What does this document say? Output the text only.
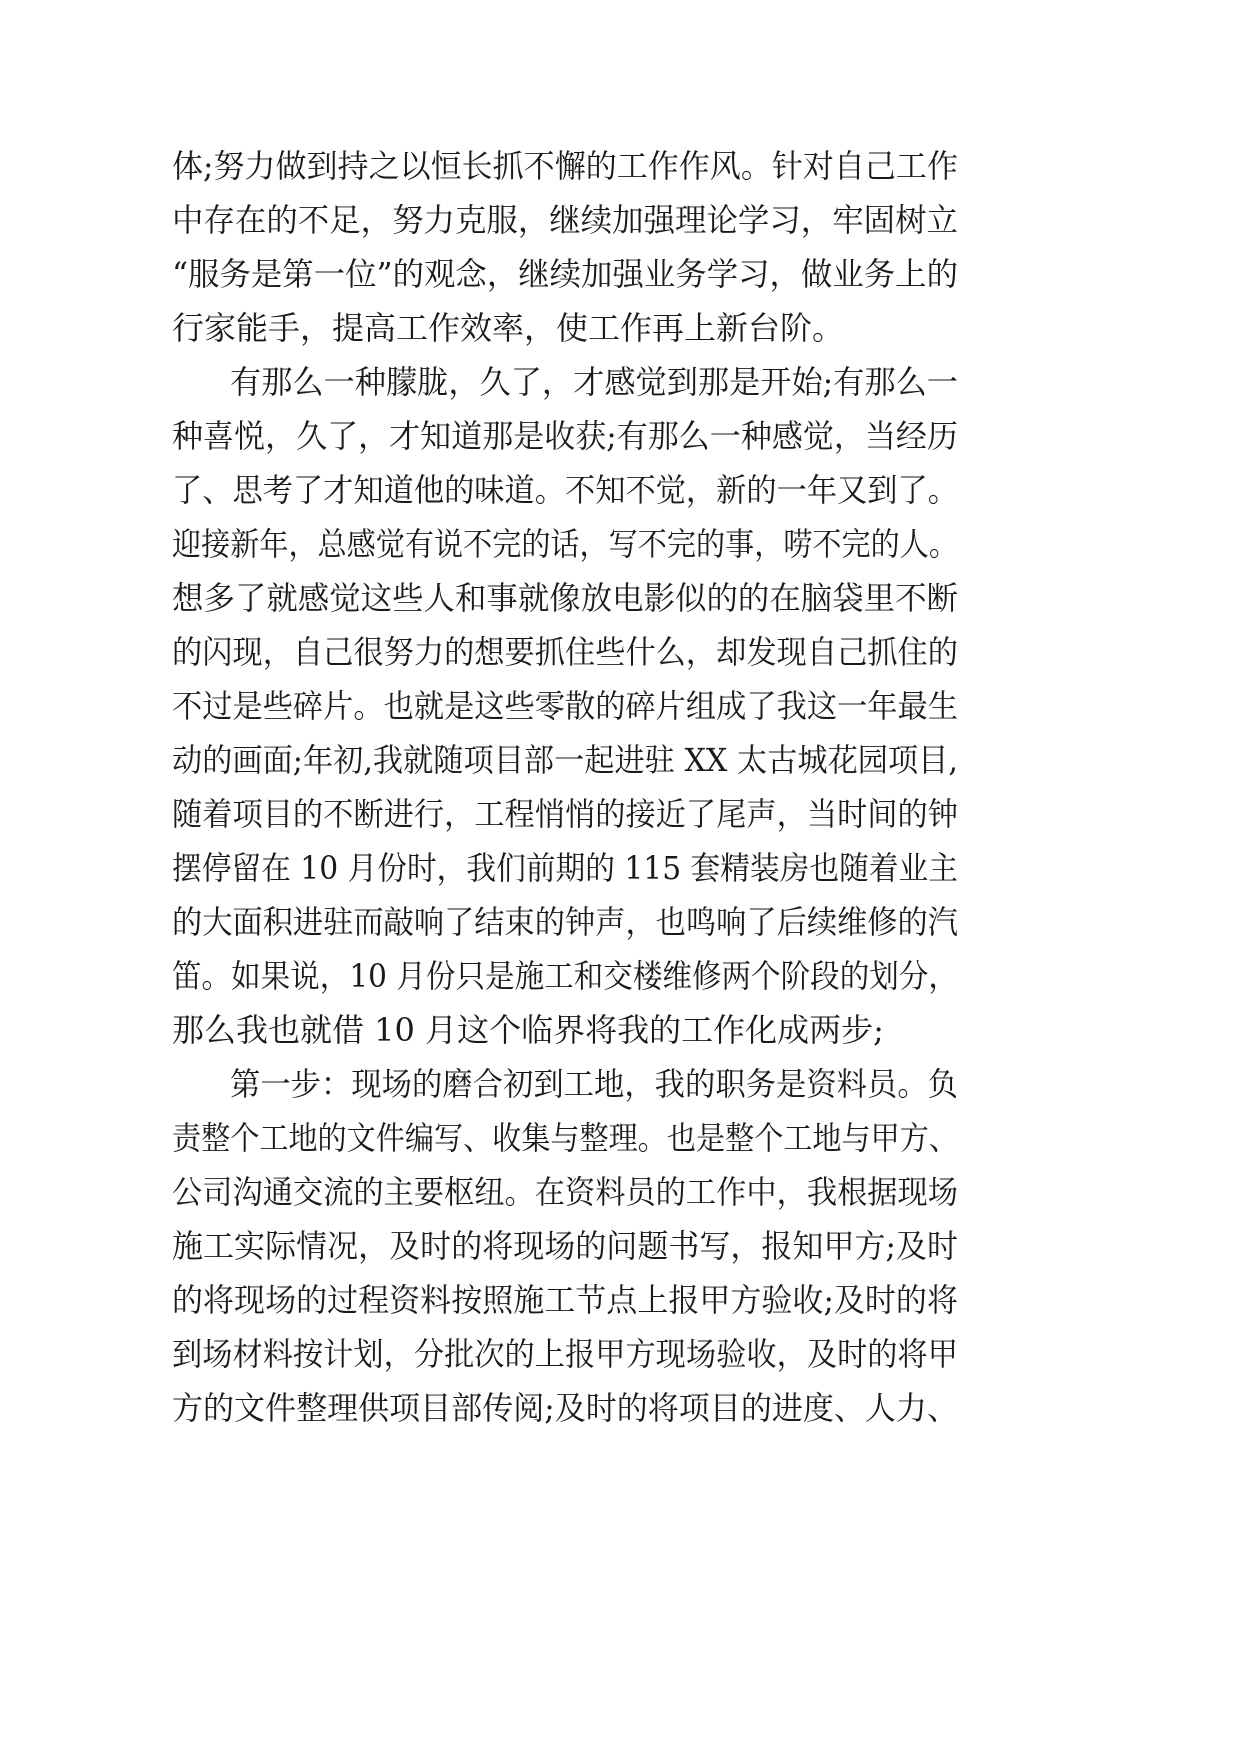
体;努力做到持之以恒长抓不懈的工作作风。针对自己工作
中存在的不足，努力克服，继续加强理论学习，牢固树立
“服务是第一位”的观念，继续加强业务学习，做业务上的
行家能手，提高工作效率，使工作再上新台阶。
有那么一种朦胧，久了，才感觉到那是开始;有那么一
种喜悦，久了，才知道那是收获;有那么一种感觉，当经历
了、思考了才知道他的味道。不知不觉，新的一年又到了。
迎接新年，总感觉有说不完的话，写不完的事，唠不完的人。
想多了就感觉这些人和事就像放电影似的的在脑袋里不断
的闪现，自己很努力的想要抓住些什么，却发现自己抓住的
不过是些碎片。也就是这些零散的碎片组成了我这一年最生
动的画面;年初,我就随项目部一起进驻 XX 太古城花园项目,
随着项目的不断进行，工程悄悄的接近了尾声，当时间的钟
摆停留在 10 月份时，我们前期的 115 套精装房也随着业主
的大面积进驻而敲响了结束的钟声，也鸣响了后续维修的汽
笛。如果说，10 月份只是施工和交楼维修两个阶段的划分，
那么我也就借 10 月这个临界将我的工作化成两步;
第一步：现场的磨合初到工地，我的职务是资料员。负
责整个工地的文件编写、收集与整理。也是整个工地与甲方、
公司沟通交流的主要枢纽。在资料员的工作中，我根据现场
施工实际情况，及时的将现场的问题书写，报知甲方;及时
的将现场的过程资料按照施工节点上报甲方验收;及时的将
到场材料按计划，分批次的上报甲方现场验收，及时的将甲
方的文件整理供项目部传阅;及时的将项目的进度、人力、
